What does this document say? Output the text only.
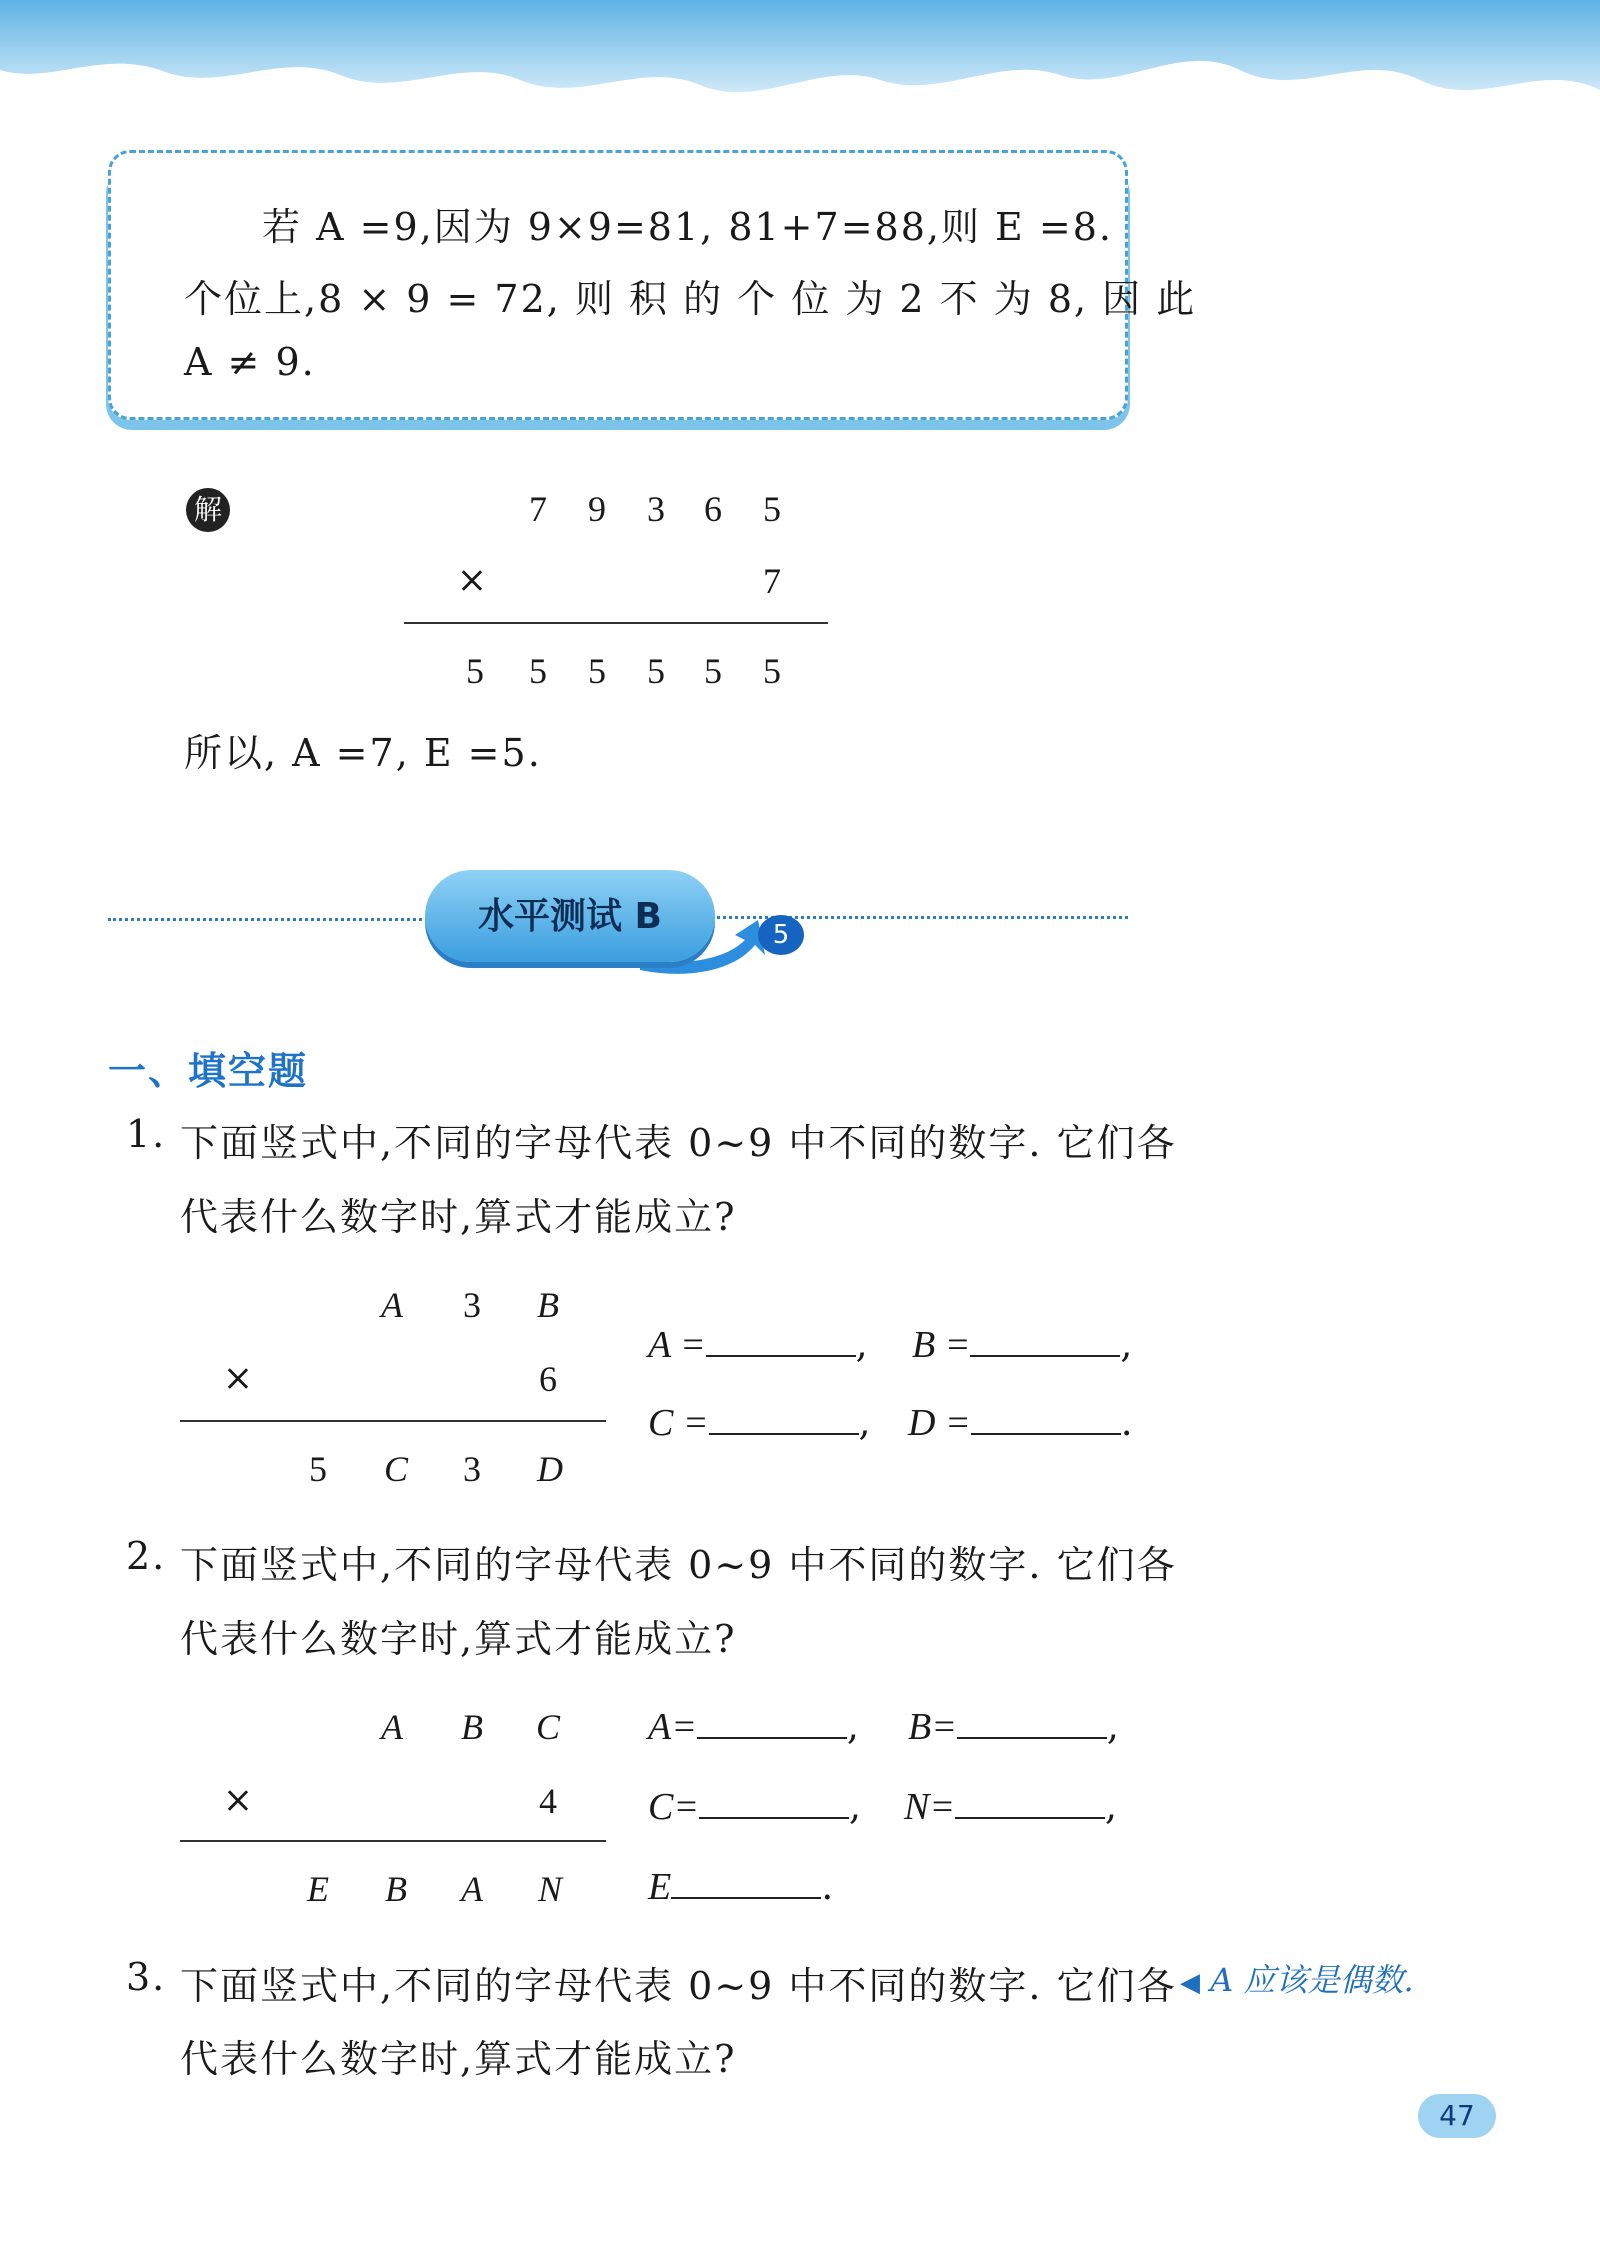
若 A =9,因为 9×9=81, 81+7=88,则 E =8.
个位上,8 × 9 = 72, 则 积 的 个 位 为 2 不 为 8, 因 此
A ≠ 9.
解	7	9	3	6	5
×	7
5	5	5	5	5	5
所以, A =7, E =5.
水平测试 B	5
一、填空题
1. 下面竖式中,不同的字母代表 0~9 中不同的数字. 它们各
代表什么数字时,算式才能成立?
A	3	B
×	6
5	C	3	D
A =	, B =	,
C =	, D =	.
2. 下面竖式中,不同的字母代表 0~9 中不同的数字. 它们各
代表什么数字时,算式才能成立?
A B C
×	4
E B A N
A=	, B=	,
C=	, N=	,
E	.
3. 下面竖式中,不同的字母代表 0~9 中不同的数字. 它们各
代表什么数字时,算式才能成立?
◀ A 应该是偶数.
47
